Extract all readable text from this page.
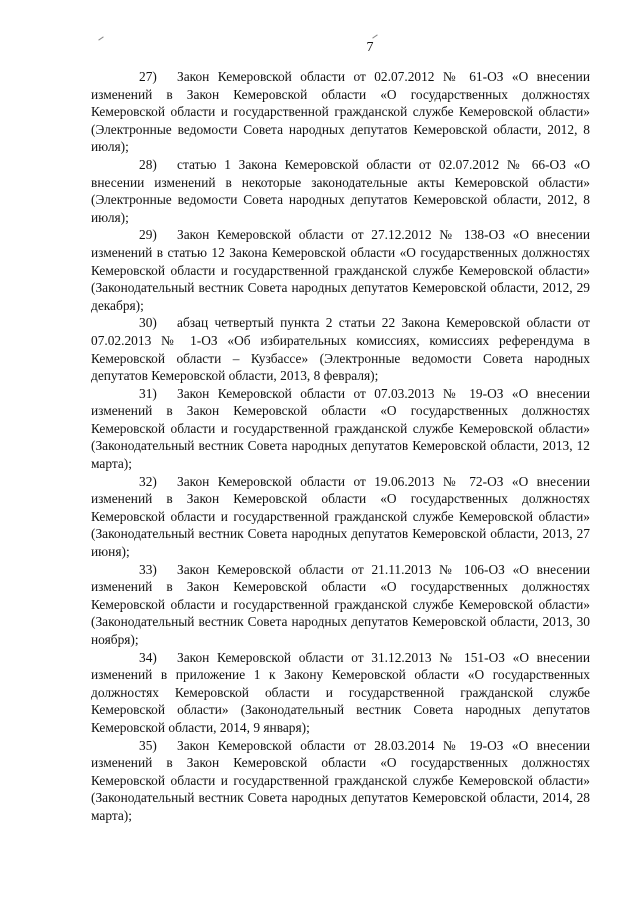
7

27) Закон Кемеровской области от 02.07.2012 № 61-ОЗ «О внесении изменений в Закон Кемеровской области «О государственных должностях Кемеровской области и государственной гражданской службе Кемеровской области» (Электронные ведомости Совета народных депутатов Кемеровской области, 2012, 8 июля);

28) статью 1 Закона Кемеровской области от 02.07.2012 № 66-ОЗ «О внесении изменений в некоторые законодательные акты Кемеровской области» (Электронные ведомости Совета народных депутатов Кемеровской области, 2012, 8 июля);

29) Закон Кемеровской области от 27.12.2012 № 138-ОЗ «О внесении изменений в статью 12 Закона Кемеровской области «О государственных должностях Кемеровской области и государственной гражданской службе Кемеровской области» (Законодательный вестник Совета народных депутатов Кемеровской области, 2012, 29 декабря);

30) абзац четвертый пункта 2 статьи 22 Закона Кемеровской области от 07.02.2013 № 1-ОЗ «Об избирательных комиссиях, комиссиях референдума в Кемеровской области – Кузбассе» (Электронные ведомости Совета народных депутатов Кемеровской области, 2013, 8 февраля);

31) Закон Кемеровской области от 07.03.2013 № 19-ОЗ «О внесении изменений в Закон Кемеровской области «О государственных должностях Кемеровской области и государственной гражданской службе Кемеровской области» (Законодательный вестник Совета народных депутатов Кемеровской области, 2013, 12 марта);

32) Закон Кемеровской области от 19.06.2013 № 72-ОЗ «О внесении изменений в Закон Кемеровской области «О государственных должностях Кемеровской области и государственной гражданской службе Кемеровской области» (Законодательный вестник Совета народных депутатов Кемеровской области, 2013, 27 июня);

33) Закон Кемеровской области от 21.11.2013 № 106-ОЗ «О внесении изменений в Закон Кемеровской области «О государственных должностях Кемеровской области и государственной гражданской службе Кемеровской области» (Законодательный вестник Совета народных депутатов Кемеровской области, 2013, 30 ноября);

34) Закон Кемеровской области от 31.12.2013 № 151-ОЗ «О внесении изменений в приложение 1 к Закону Кемеровской области «О государственных должностях Кемеровской области и государственной гражданской службе Кемеровской области» (Законодательный вестник Совета народных депутатов Кемеровской области, 2014, 9 января);

35) Закон Кемеровской области от 28.03.2014 № 19-ОЗ «О внесении изменений в Закон Кемеровской области «О государственных должностях Кемеровской области и государственной гражданской службе Кемеровской области» (Законодательный вестник Совета народных депутатов Кемеровской области, 2014, 28 марта);
